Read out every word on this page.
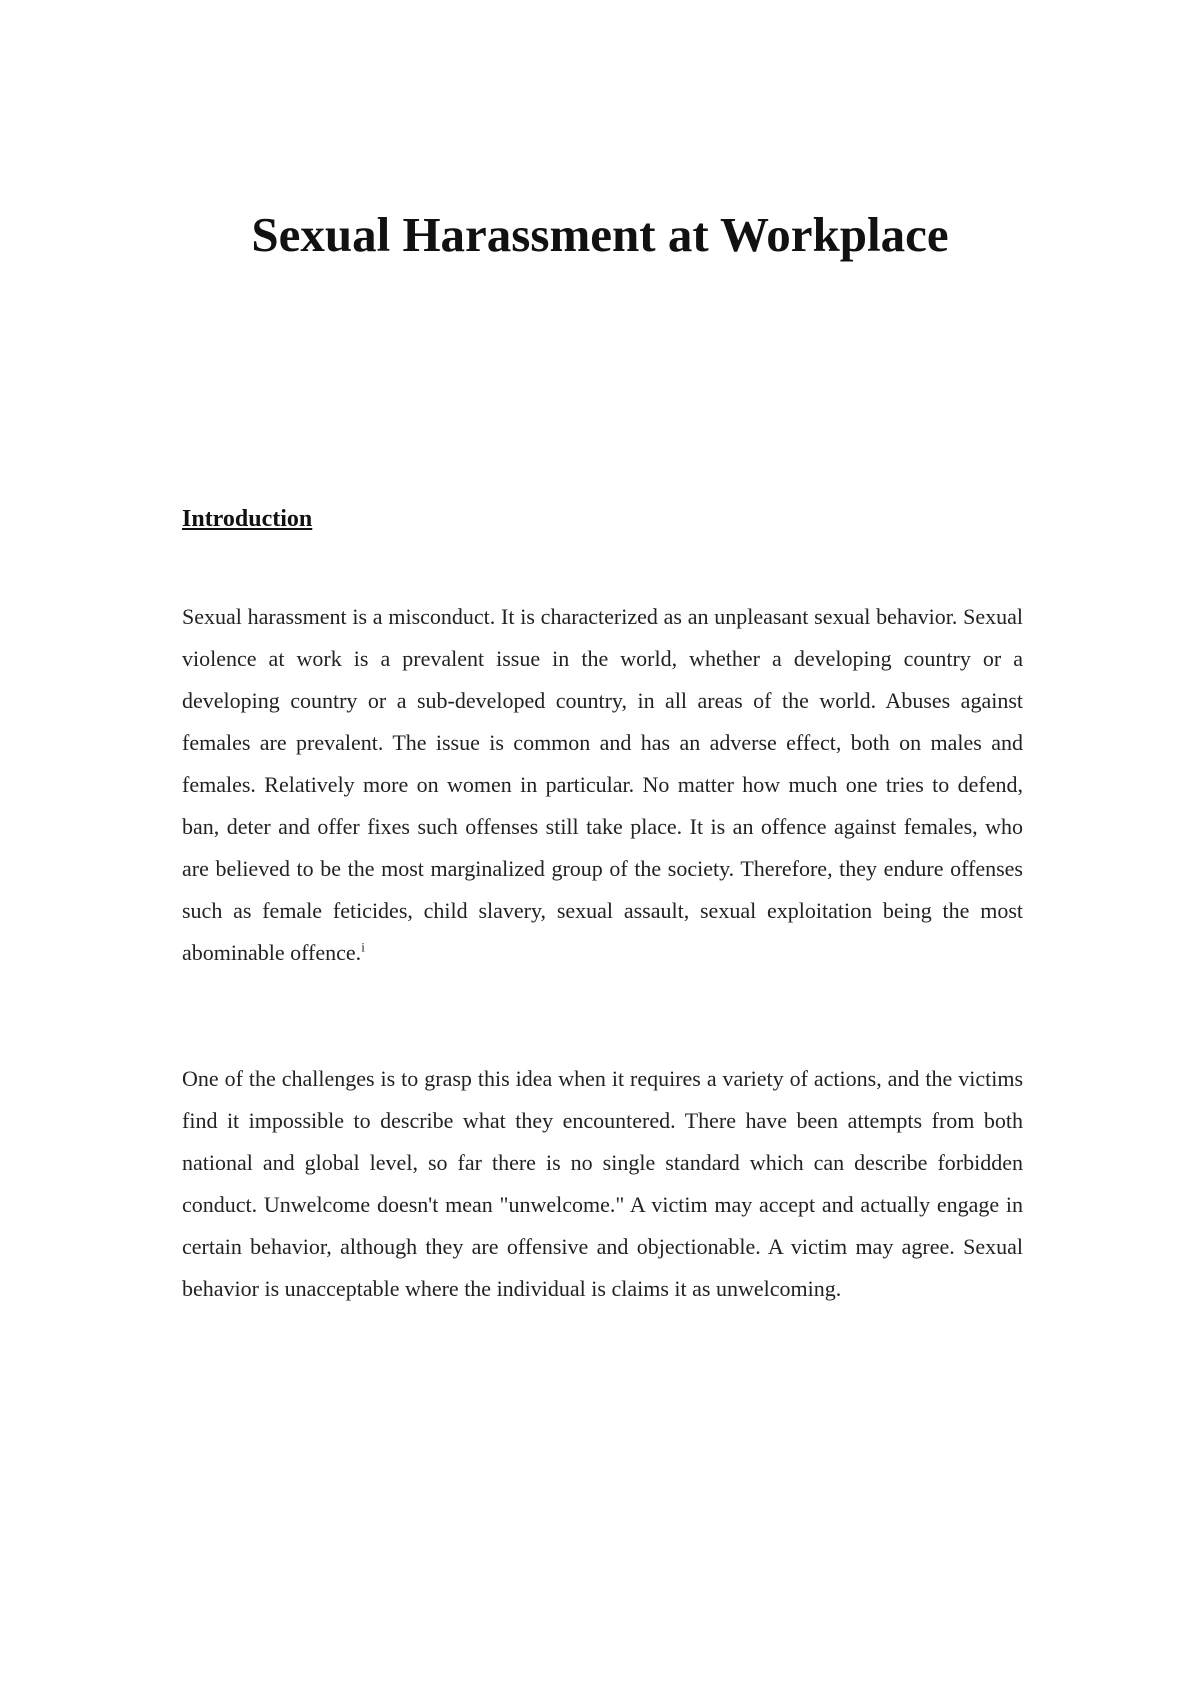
Sexual Harassment at Workplace
Introduction

Sexual harassment is a misconduct. It is characterized as an unpleasant sexual behavior. Sexual violence at work is a prevalent issue in the world, whether a developing country or a developing country or a sub-developed country, in all areas of the world. Abuses against females are prevalent. The issue is common and has an adverse effect, both on males and females. Relatively more on women in particular. No matter how much one tries to defend, ban, deter and offer fixes such offenses still take place. It is an offence against females, who are believed to be the most marginalized group of the society. Therefore, they endure offenses such as female feticides, child slavery, sexual assault, sexual exploitation being the most abominable offence.$^i$

One of the challenges is to grasp this idea when it requires a variety of actions, and the victims find it impossible to describe what they encountered. There have been attempts from both national and global level, so far there is no single standard which can describe forbidden conduct. Unwelcome doesn't mean "unwelcome." A victim may accept and actually engage in certain behavior, although they are offensive and objectionable. A victim may agree. Sexual behavior is unacceptable where the individual is claims it as unwelcoming.
